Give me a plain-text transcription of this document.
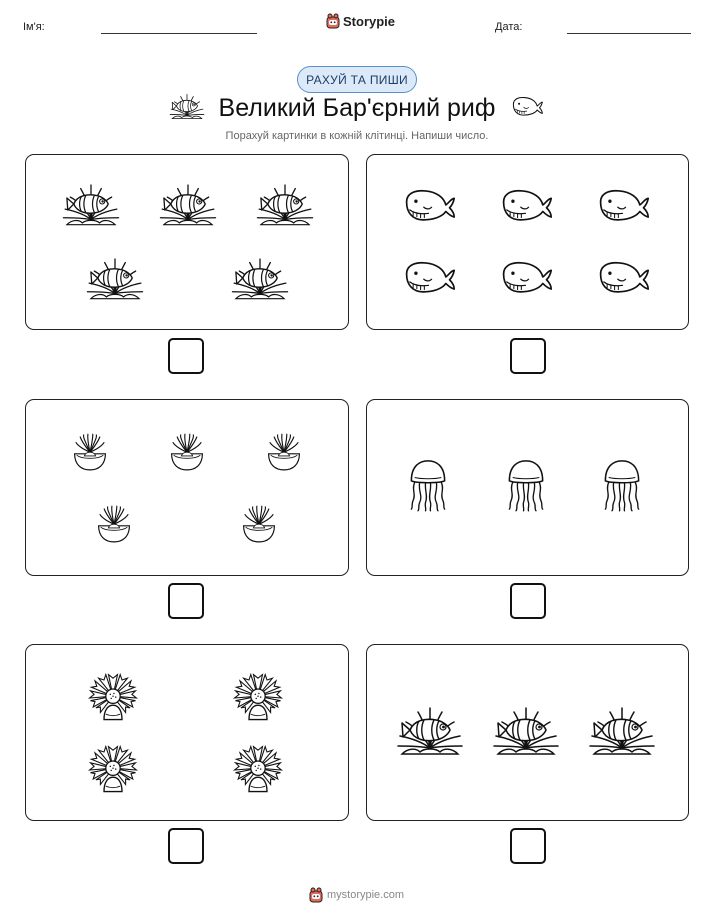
Ім'я:	Storypie	Дата:
РАХУЙ ТА ПИШИ
Великий Бар'єрний риф
Порахуй картинки в кожній клітинці. Напиши число.
mystorypie.com
